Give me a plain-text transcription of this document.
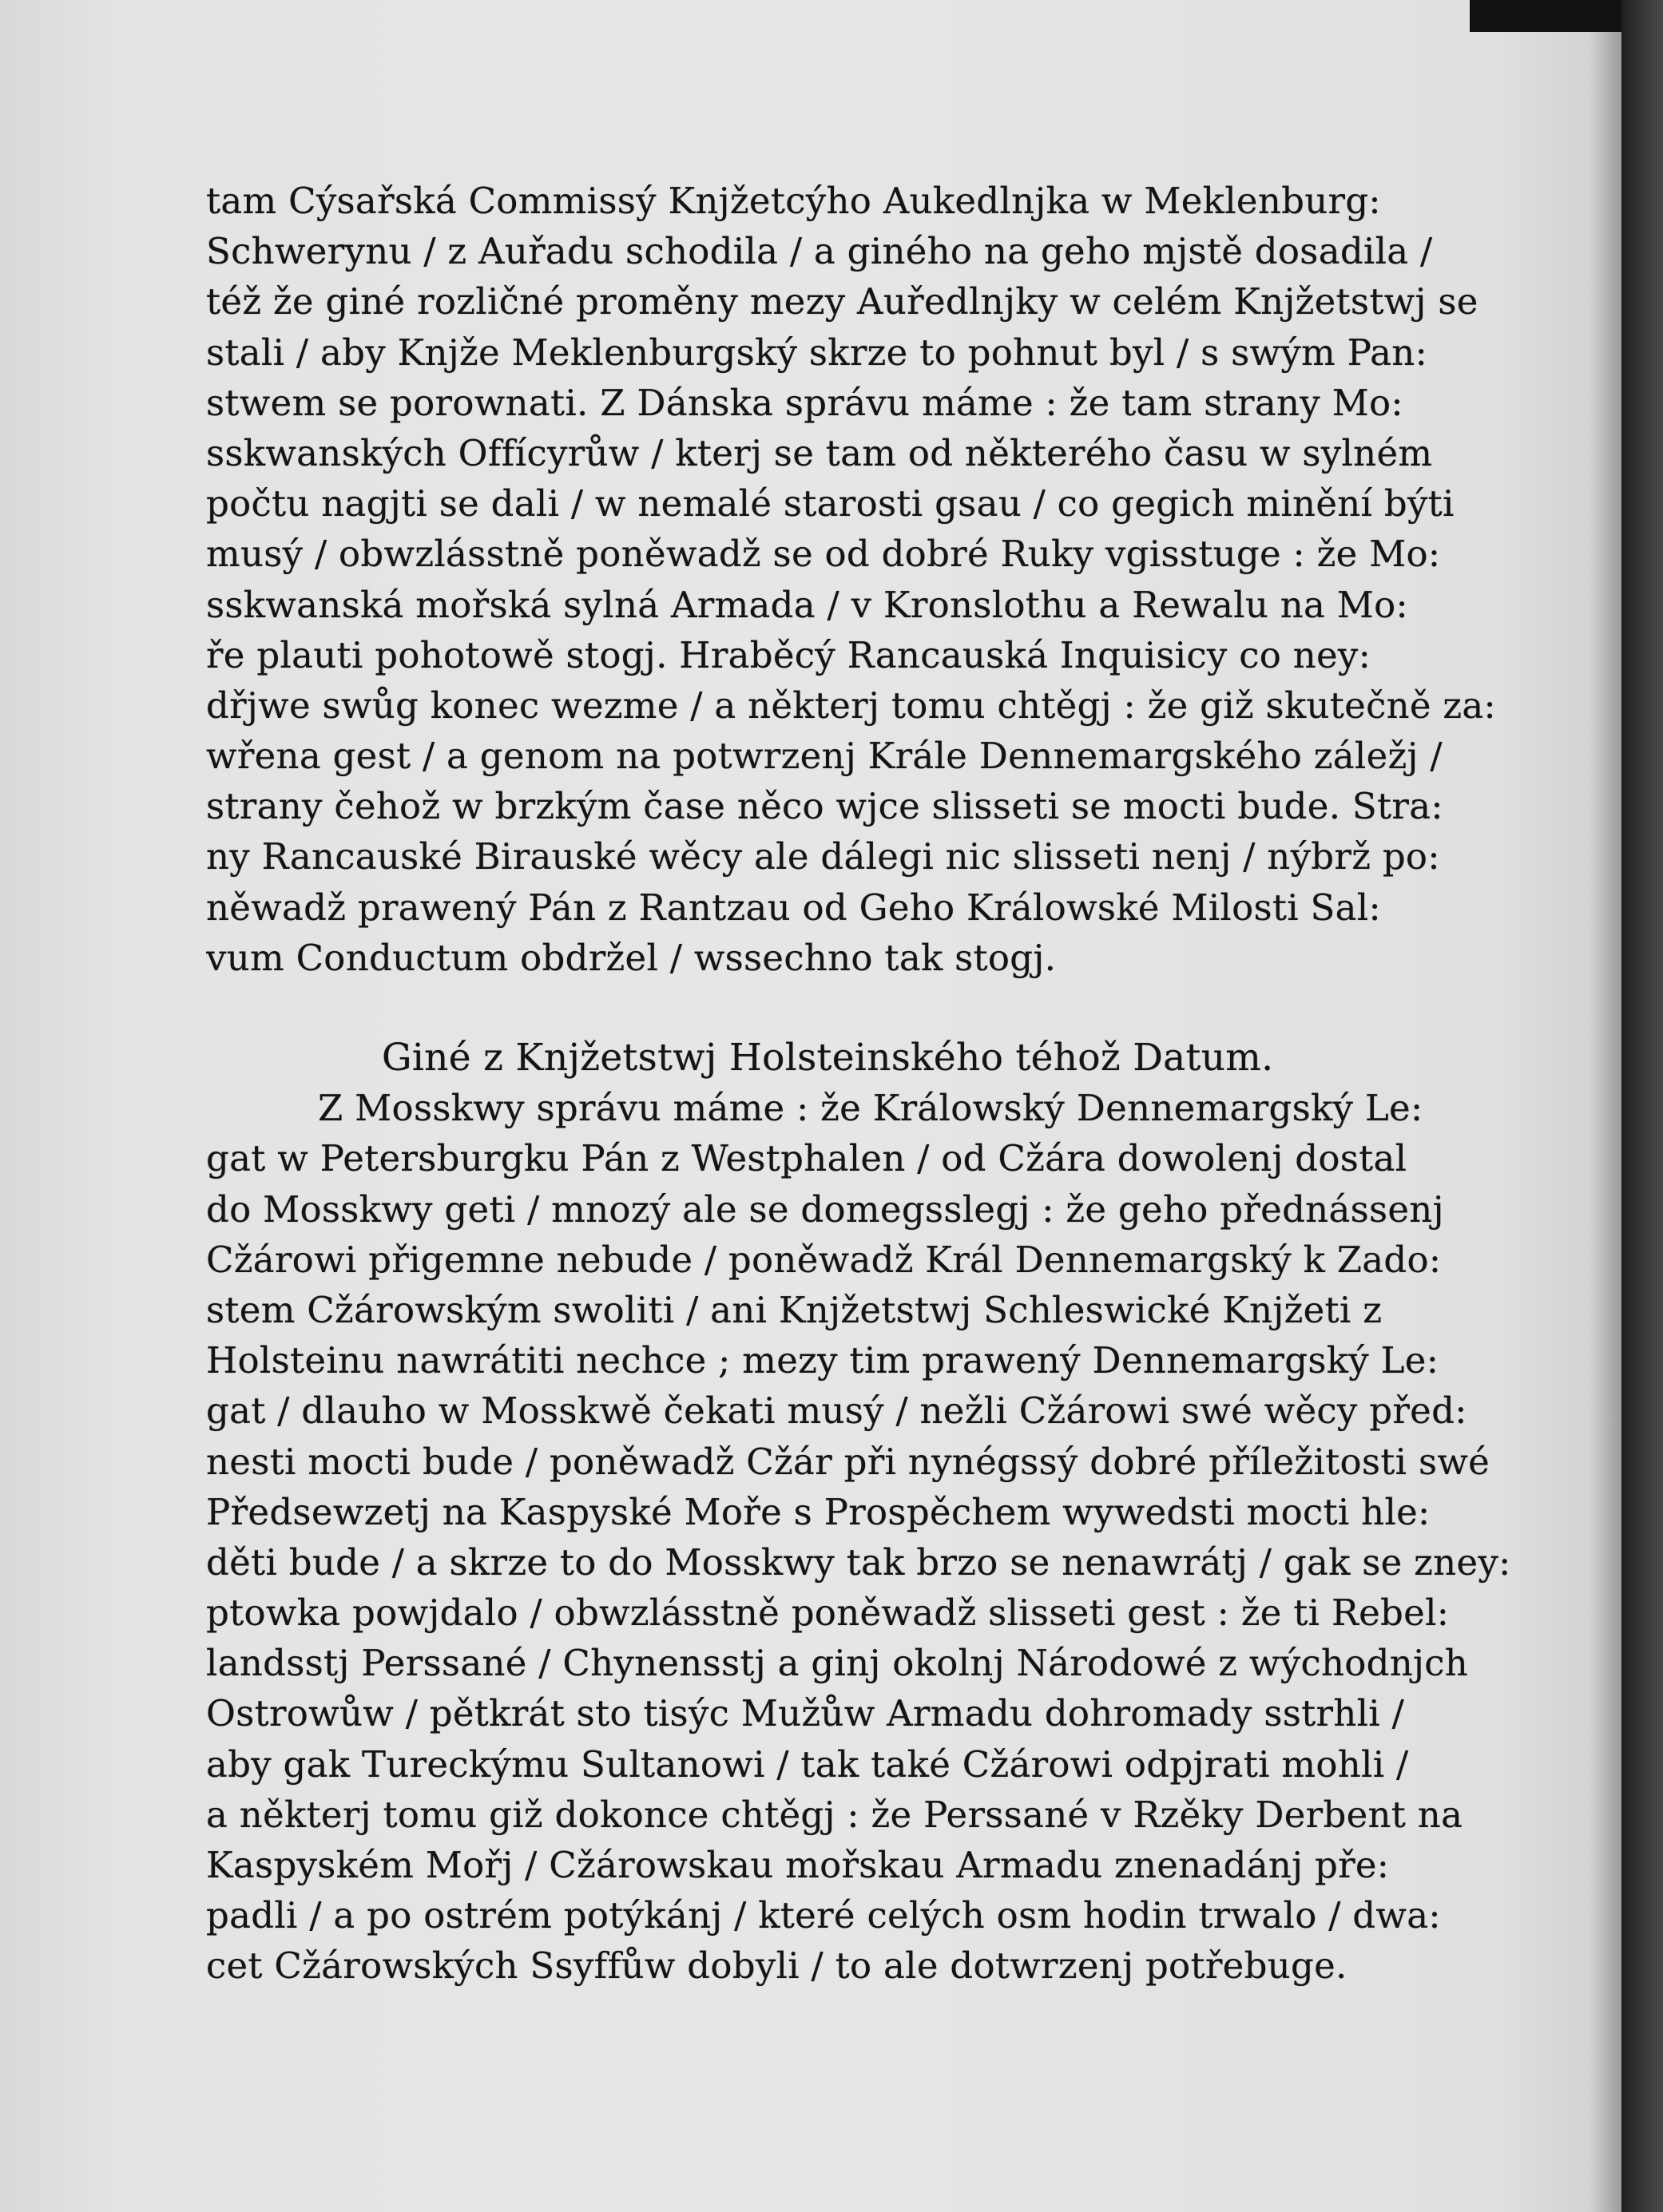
tam Cýsařská Commissý Knjžetcýho Aukedlnjka w Meklenburg:
Schwerynu / z Auřadu schodila / a giného na geho mjstě dosadila /
též že giné rozličné proměny mezy Auředlnjky w celém Knjžetstwj se
stali / aby Knjže Meklenburgský skrze to pohnut byl / s swým Pan:
stwem se porownati. Z Dánska správu máme : že tam strany Mo:
sskwanských Offícyrůw / kterj se tam od některého času w sylném
počtu nagjti se dali / w nemalé starosti gsau / co gegich minění býti
musý / obwzlásstně poněwadž se od dobré Ruky vgisstuge : že Mo:
sskwanská mořská sylná Armada / v Kronslothu a Rewalu na Mo:
ře plauti pohotowě stogj. Hraběcý Rancauská Inquisicy co ney:
dřjwe swůg konec wezme / a některj tomu chtěgj : že giž skutečně za:
wřena gest / a genom na potwrzenj Krále Dennemargského záležj /
strany čehož w brzkým čase něco wjce slisseti se mocti bude. Stra:
ny Rancauské Birauské wěcy ale dálegi nic slisseti nenj / nýbrž po:
něwadž prawený Pán z Rantzau od Geho Králowské Milosti Sal:
vum Conductum obdržel / wssechno tak stogj.
Giné z Knjžetstwj Holsteinského téhož Datum.
Z Mosskwy správu máme : že Králowský Dennemargský Le:
gat w Petersburgku Pán z Westphalen / od Cžára dowolenj dostal
do Mosskwy geti / mnozý ale se domegsslegj : že geho přednássenj
Cžárowi přigemne nebude / poněwadž Král Dennemargský k Zado:
stem Cžárowským swoliti / ani Knjžetstwj Schleswické Knjžeti z
Holsteinu nawrátiti nechce ; mezy tim prawený Dennemargský Le:
gat / dlauho w Mosskwě čekati musý / nežli Cžárowi swé wěcy před:
nesti mocti bude / poněwadž Cžár při nynégssý dobré příležitosti swé
Předsewzetj na Kaspyské Moře s Prospěchem wywedsti mocti hle:
děti bude / a skrze to do Mosskwy tak brzo se nenawrátj / gak se zney:
ptowka powjdalo / obwzlásstně poněwadž slisseti gest : že ti Rebel:
landsstj Perssané / Chynensstj a ginj okolnj Národowé z wýchodnjch
Ostrowůw / pětkrát sto tisýc Mužůw Armadu dohromady sstrhli /
aby gak Tureckýmu Sultanowi / tak také Cžárowi odpjrati mohli /
a některj tomu giž dokonce chtěgj : že Perssané v Rzěky Derbent na
Kaspyském Mořj / Cžárowskau mořskau Armadu znenadánj pře:
padli / a po ostrém potýkánj / které celých osm hodin trwalo / dwa:
cet Cžárowských Ssyffůw dobyli / to ale dotwrzenj potřebuge.
